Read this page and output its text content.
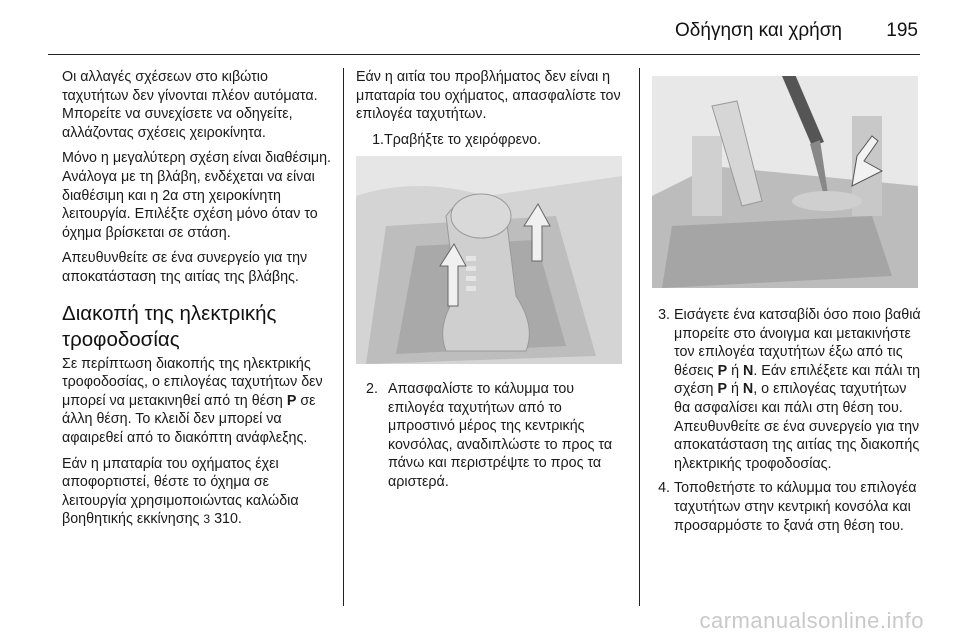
Οδήγηση και χρήση 195

Οι αλλαγές σχέσεων στο κιβώτιο ταχυτήτων δεν γίνονται πλέον αυτόματα. Μπορείτε να συνεχίσετε να οδηγείτε, αλλάζοντας σχέσεις χειροκίνητα.

Μόνο η μεγαλύτερη σχέση είναι διαθέσιμη. Ανάλογα με τη βλάβη, ενδέχεται να είναι διαθέσιμη και η 2α στη χειροκίνητη λειτουργία. Επιλέξτε σχέση μόνο όταν το όχημα βρίσκεται σε στάση.

Απευθυνθείτε σε ένα συνεργείο για την αποκατάσταση της αιτίας της βλάβης.

Διακοπή της ηλεκτρικής
τροφοδοσίας

Σε περίπτωση διακοπής της ηλεκτρικής τροφοδοσίας, ο επιλογέας ταχυτήτων δεν μπορεί να μετακινηθεί από τη θέση P σε άλλη θέση. Το κλειδί δεν μπορεί να αφαιρεθεί από το διακόπτη ανάφλεξης.

Εάν η μπαταρία του οχήματος έχει αποφορτιστεί, θέστε το όχημα σε λειτουργία χρησιμοποιώντας καλώδια βοηθητικής εκκίνησης 3 310.

Εάν η αιτία του προβλήματος δεν είναι η μπαταρία του οχήματος, απασφαλίστε τον επιλογέα ταχυτήτων.

1. Τραβήξτε το χειρόφρενο.
2. Απασφαλίστε το κάλυμμα του επιλογέα ταχυτήτων από το μπροστινό μέρος της κεντρικής κονσόλας, αναδιπλώστε το προς τα πάνω και περιστρέψτε το προς τα αριστερά.
3. Εισάγετε ένα κατσαβίδι όσο ποιο βαθιά μπορείτε στο άνοιγμα και μετακινήστε τον επιλογέα ταχυτήτων έξω από τις θέσεις P ή N. Εάν επιλέξετε και πάλι τη σχέση P ή N, ο επιλογέας ταχυτήτων θα ασφαλίσει και πάλι στη θέση του. Απευθυνθείτε σε ένα συνεργείο για την αποκατάσταση της αιτίας της διακοπής ηλεκτρικής τροφοδοσίας.
4. Τοποθετήστε το κάλυμμα του επιλογέα ταχυτήτων στην κεντρική κονσόλα και προσαρμόστε το ξανά στη θέση του.
carmanualsonline.info
